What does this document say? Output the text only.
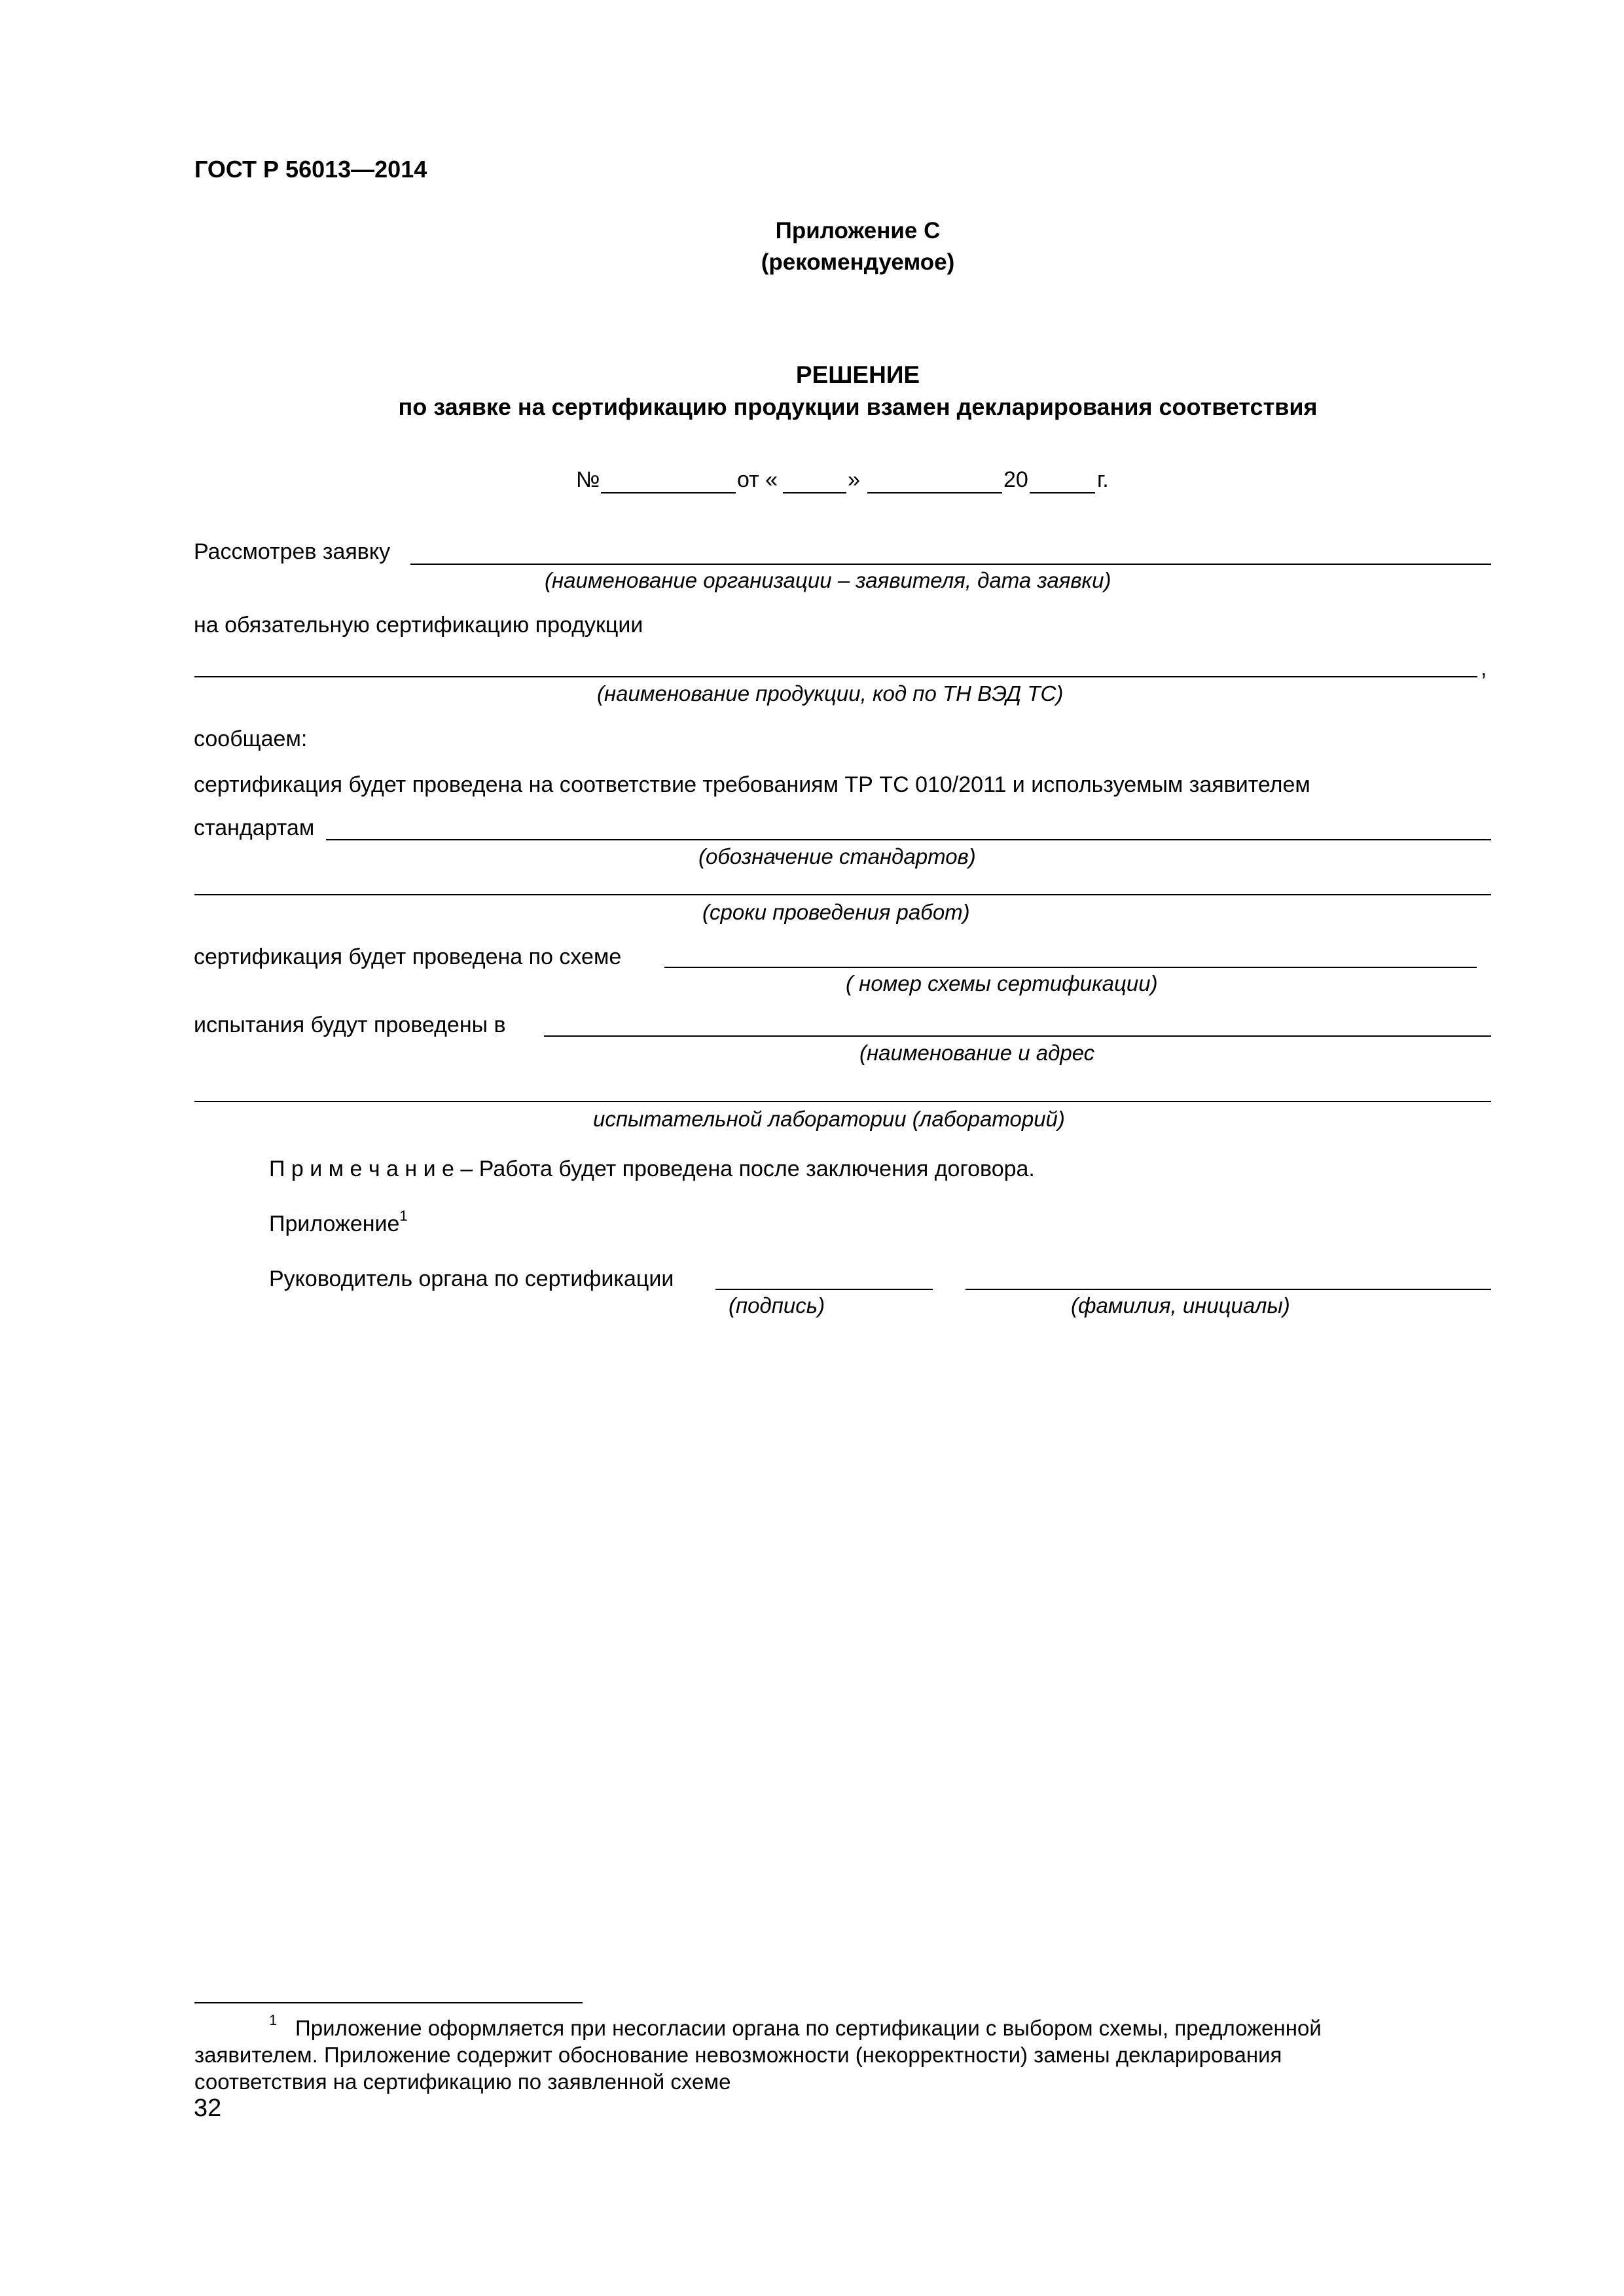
ГОСТ Р 56013—2014
Приложение С
(рекомендуемое)
РЕШЕНИЕ
по заявке на сертификацию продукции взамен декларирования соответствия
№	от «	»	20	г.
Рассмотрев заявку
(наименование организации – заявителя, дата заявки)
на обязательную сертификацию продукции
,
(наименование продукции, код по ТН ВЭД ТС)
сообщаем:
сертификация будет проведена на соответствие требованиям ТР ТС 010/2011 и используемым заявителем
стандартам
(обозначение стандартов)
(сроки проведения работ)
сертификация будет проведена по схеме
( номер схемы сертификации)
испытания будут проведены в
(наименование и адрес
испытательной лаборатории (лабораторий)
П р и м е ч а н и е – Работа будет проведена после заключения договора.
Приложение$^1$
Руководитель органа по сертификации
(подпись)	(фамилия, инициалы)
1 Приложение оформляется при несогласии органа по сертификации с выбором схемы, предложенной
заявителем. Приложение содержит обоснование невозможности (некорректности) замены декларирования
соответствия на сертификацию по заявленной схеме
32
